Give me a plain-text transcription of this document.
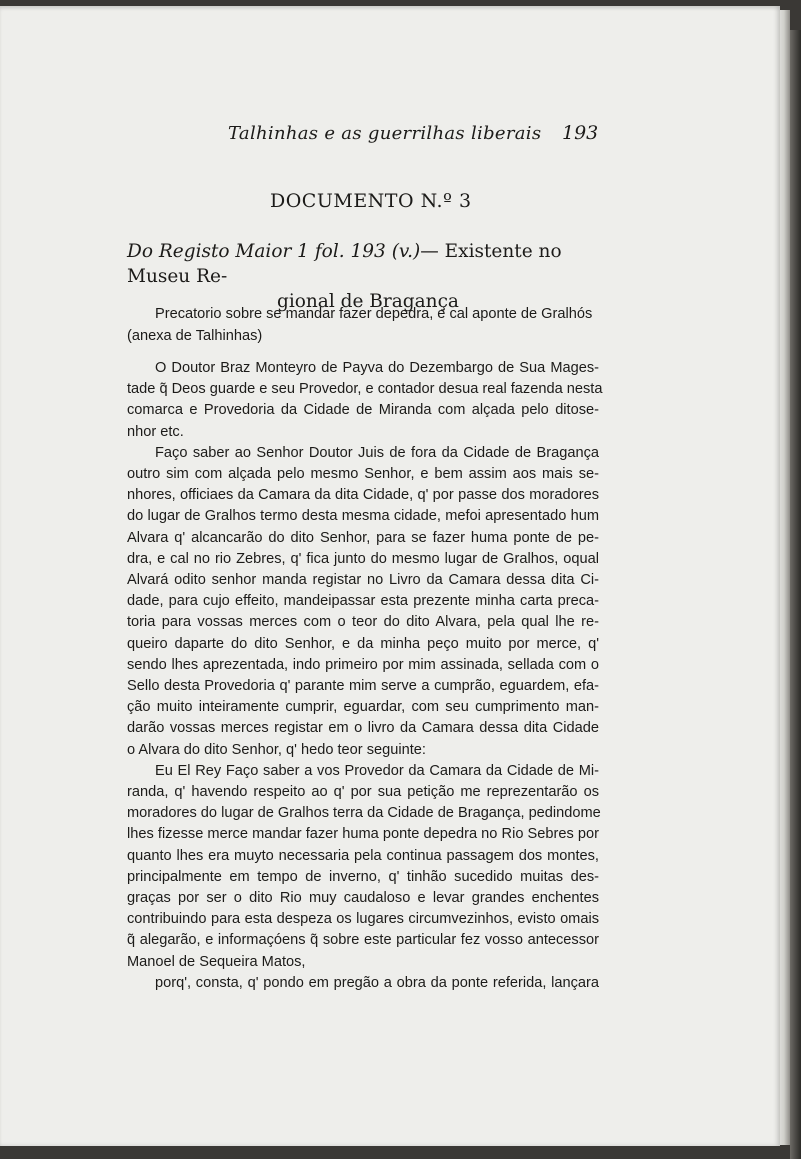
Talhinhas e as guerrilhas liberais 193
DOCUMENTO N.º 3
Do Registo Maior 1 fol. 193 (v.)— Existente no Museu Re-
gional de Bragança
Precatorio sobre se mandar fazer depedra, e cal aponte de Gralhós
(anexa de Talhinhas)
O Doutor Braz Monteyro de Payva do Dezembargo de Sua Mages-
tade q̃ Deos guarde e seu Provedor, e contador desua real fazenda nesta
comarca e Provedoria da Cidade de Miranda com alçada pelo ditose-
nhor etc.
Faço saber ao Senhor Doutor Juis de fora da Cidade de Bragança
outro sim com alçada pelo mesmo Senhor, e bem assim aos mais se-
nhores, officiaes da Camara da dita Cidade, q' por passe dos moradores
do lugar de Gralhos termo desta mesma cidade, mefoi apresentado hum
Alvara q' alcancarão do dito Senhor, para se fazer huma ponte de pe-
dra, e cal no rio Zebres, q' fica junto do mesmo lugar de Gralhos, oqual
Alvará odito senhor manda registar no Livro da Camara dessa dita Ci-
dade, para cujo effeito, mandeipassar esta prezente minha carta preca-
toria para vossas merces com o teor do dito Alvara, pela qual lhe re-
queiro daparte do dito Senhor, e da minha peço muito por merce, q'
sendo lhes aprezentada, indo primeiro por mim assinada, sellada com o
Sello desta Provedoria q' parante mim serve a cumprão, eguardem, efa-
ção muito inteiramente cumprir, eguardar, com seu cumprimento man-
darão vossas merces registar em o livro da Camara dessa dita Cidade
o Alvara do dito Senhor, q' hedo teor seguinte:
Eu El Rey Faço saber a vos Provedor da Camara da Cidade de Mi-
randa, q' havendo respeito ao q' por sua petição me reprezentarão os
moradores do lugar de Gralhos terra da Cidade de Bragança, pedindome
lhes fizesse merce mandar fazer huma ponte depedra no Rio Sebres por
quanto lhes era muyto necessaria pela continua passagem dos montes,
principalmente em tempo de inverno, q' tinhão sucedido muitas des-
graças por ser o dito Rio muy caudaloso e levar grandes enchentes
contribuindo para esta despeza os lugares circumvezinhos, evisto omais
q̃ alegarão, e informaçóens q̃ sobre este particular fez vosso antecessor
Manoel de Sequeira Matos,
porq', consta, q' pondo em pregão a obra da ponte referida, lançara
